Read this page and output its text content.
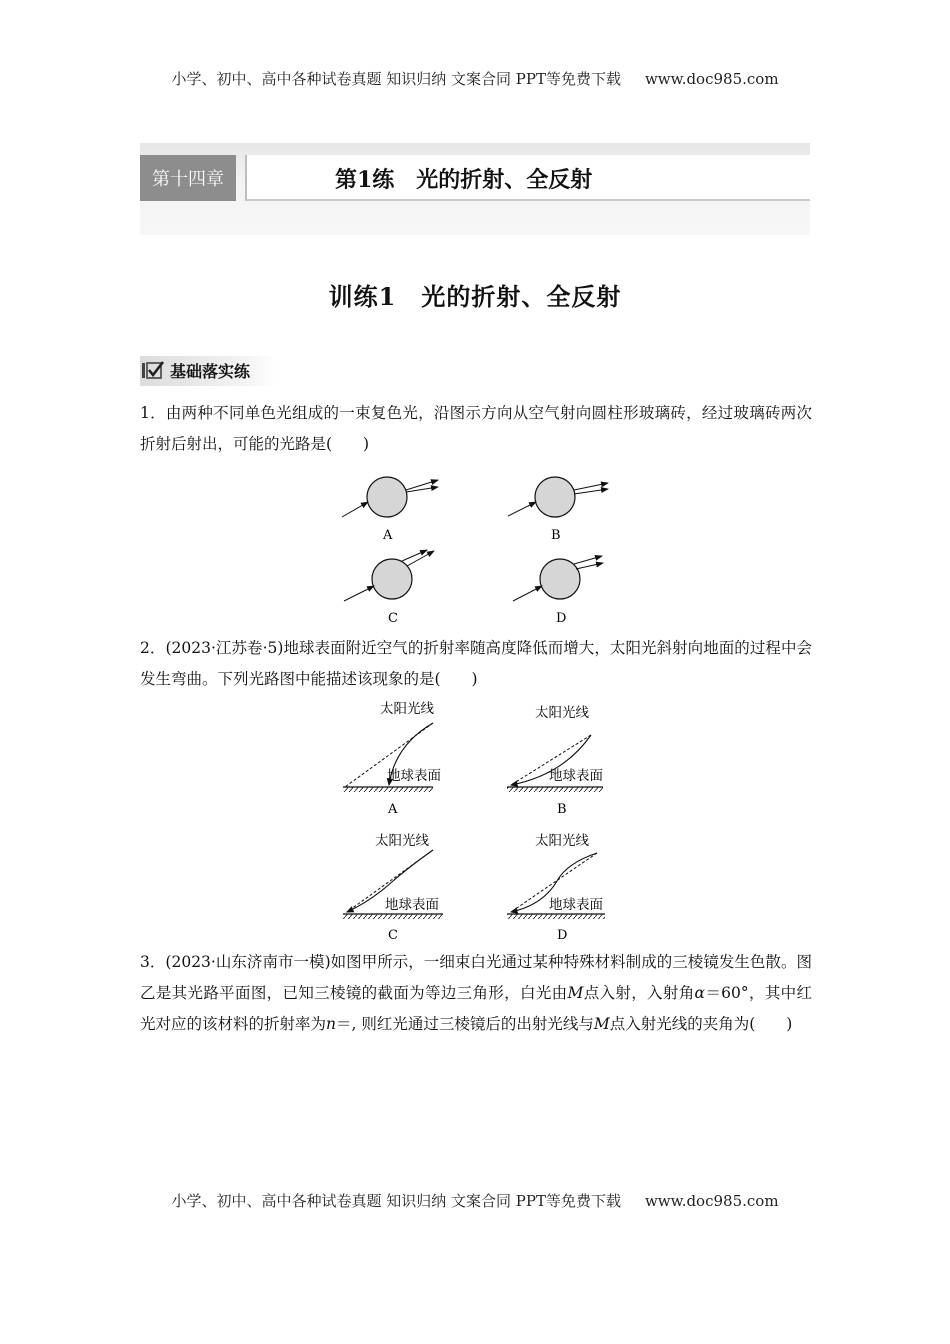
小学、初中、高中各种试卷真题 知识归纳 文案合同 PPT等免费下载 www.doc985.com
第十四章	第1练　光的折射、全反射
训练1　光的折射、全反射
基础落实练
1．由两种不同单色光组成的一束复色光，沿图示方向从空气射向圆柱形玻璃砖，经过玻璃砖两次折射后射出，可能的光路是(　　)
A	B
C	D
2．(2023·江苏卷·5)地球表面附近空气的折射率随高度降低而增大，太阳光斜射向地面的过程中会发生弯曲。下列光路图中能描述该现象的是(　　)
太阳光线
地球表面
A
太阳光线
地球表面
B
太阳光线
地球表面
C
太阳光线
地球表面
D
3．(2023·山东济南市一模)如图甲所示，一细束白光通过某种特殊材料制成的三棱镜发生色散。图乙是其光路平面图，已知三棱镜的截面为等边三角形，白光由M点入射，入射角α＝60°，其中红光对应的该材料的折射率为n＝, 则红光通过三棱镜后的出射光线与M点入射光线的夹角为(　　)
小学、初中、高中各种试卷真题 知识归纳 文案合同 PPT等免费下载 www.doc985.com
